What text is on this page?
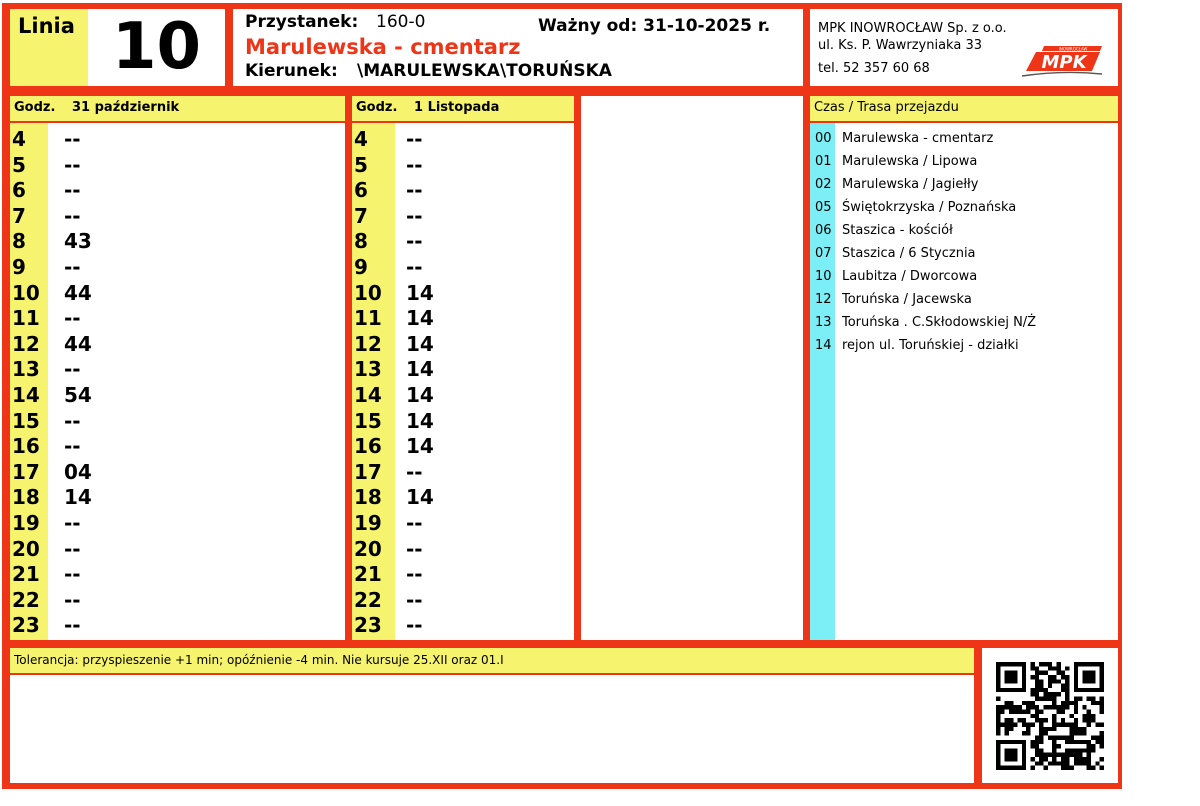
Linia 10	Przystanek: 160-0	Ważny od: 31-10-2025 r.
Marulewska - cmentarz
Kierunek: \MARULEWSKA\TORUŃSKA
MPK INOWROCŁAW Sp. z o.o.
ul. Ks. P. Wawrzyniaka 33
tel. 52 357 60 68
INOWROCŁAW
MPK
Godz. 31 październik
4	--
5	--
6	--
7	--
8	43
9	--
10	44
11	--
12	44
13	--
14	54
15	--
16	--
17	04
18	14
19	--
20	--
21	--
22	--
23	--
Godz. 1 Listopada
4	--
5	--
6	--
7	--
8	--
9	--
10	14
11	14
12	14
13	14
14	14
15	14
16	14
17	--
18	14
19	--
20	--
21	--
22	--
23	--
Czas / Trasa przejazdu
00 Marulewska - cmentarz
01 Marulewska / Lipowa
02 Marulewska / Jagiełły
05 Świętokrzyska / Poznańska
06 Staszica - kościół
07 Staszica / 6 Stycznia
10 Laubitza / Dworcowa
12 Toruńska / Jacewska
13 Toruńska . C.Skłodowskiej N/Ż
14 rejon ul. Toruńskiej - działki
Tolerancja: przyspieszenie +1 min; opóźnienie -4 min. Nie kursuje 25.XII oraz 01.I
